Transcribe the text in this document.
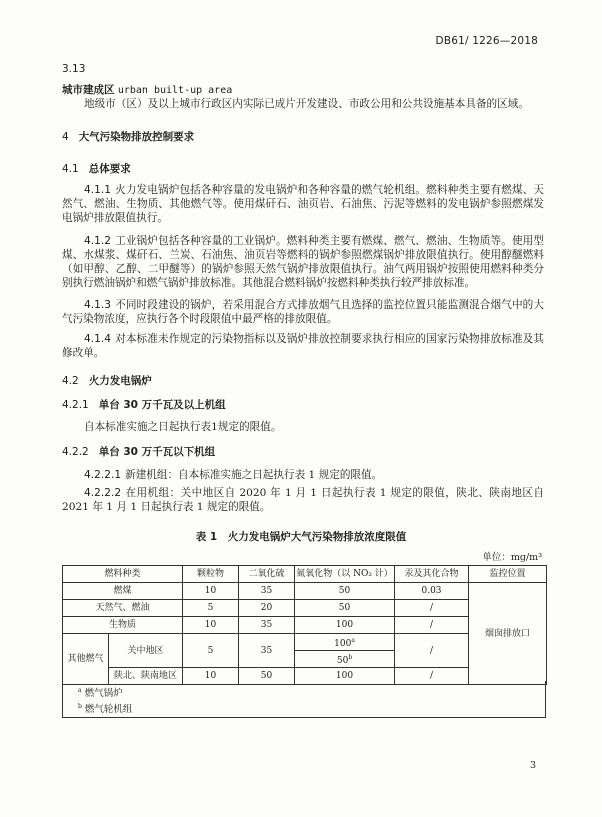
DB61/ 1226—2018
3.13
城市建成区 urban built-up area
地级市（区）及以上城市行政区内实际已成片开发建设、市政公用和公共设施基本具备的区域。
4 大气污染物排放控制要求
4.1 总体要求
4.1.1 火力发电锅炉包括各种容量的发电锅炉和各种容量的燃气轮机组。燃料种类主要有燃煤、天然气、燃油、生物质、其他燃气等。使用煤矸石、油页岩、石油焦、污泥等燃料的发电锅炉参照燃煤发电锅炉排放限值执行。
4.1.2 工业锅炉包括各种容量的工业锅炉。燃料种类主要有燃煤、燃气、燃油、生物质等。使用型煤、水煤浆、煤矸石、兰炭、石油焦、油页岩等燃料的锅炉参照燃煤锅炉排放限值执行。使用醇醚燃料（如甲醇、乙醇、二甲醚等）的锅炉参照天然气锅炉排放限值执行。油气两用锅炉按照使用燃料种类分别执行燃油锅炉和燃气锅炉排放标准。其他混合燃料锅炉按燃料种类执行较严排放标准。
4.1.3 不同时段建设的锅炉，若采用混合方式排放烟气且选择的监控位置只能监测混合烟气中的大气污染物浓度，应执行各个时段限值中最严格的排放限值。
4.1.4 对本标准未作规定的污染物指标以及锅炉排放控制要求执行相应的国家污染物排放标准及其修改单。
4.2 火力发电锅炉
4.2.1 单台 30 万千瓦及以上机组
自本标准实施之日起执行表1规定的限值。
4.2.2 单台 30 万千瓦以下机组
4.2.2.1 新建机组：自本标准实施之日起执行表 1 规定的限值。
4.2.2.2 在用机组：关中地区自 2020 年 1 月 1 日起执行表 1 规定的限值，陕北、陕南地区自 2021 年 1 月 1 日起执行表 1 规定的限值。
表 1　火力发电锅炉大气污染物排放浓度限值
单位：mg/m³
燃料种类		颗粒物	二氧化硫	氮氧化物（以 NO₂ 计）	汞及其化合物	监控位置
燃煤		10	35	50	0.03	烟囱排放口
天然气、燃油		5	20	50	/	
生物质		10	35	100	/	
其他燃气	关中地区	5	35	100$^a$	/	
				50$^b$
	陕北、陕南地区	10	50	100	/	
$^a$ 燃气锅炉
$^b$ 燃气轮机组
3
